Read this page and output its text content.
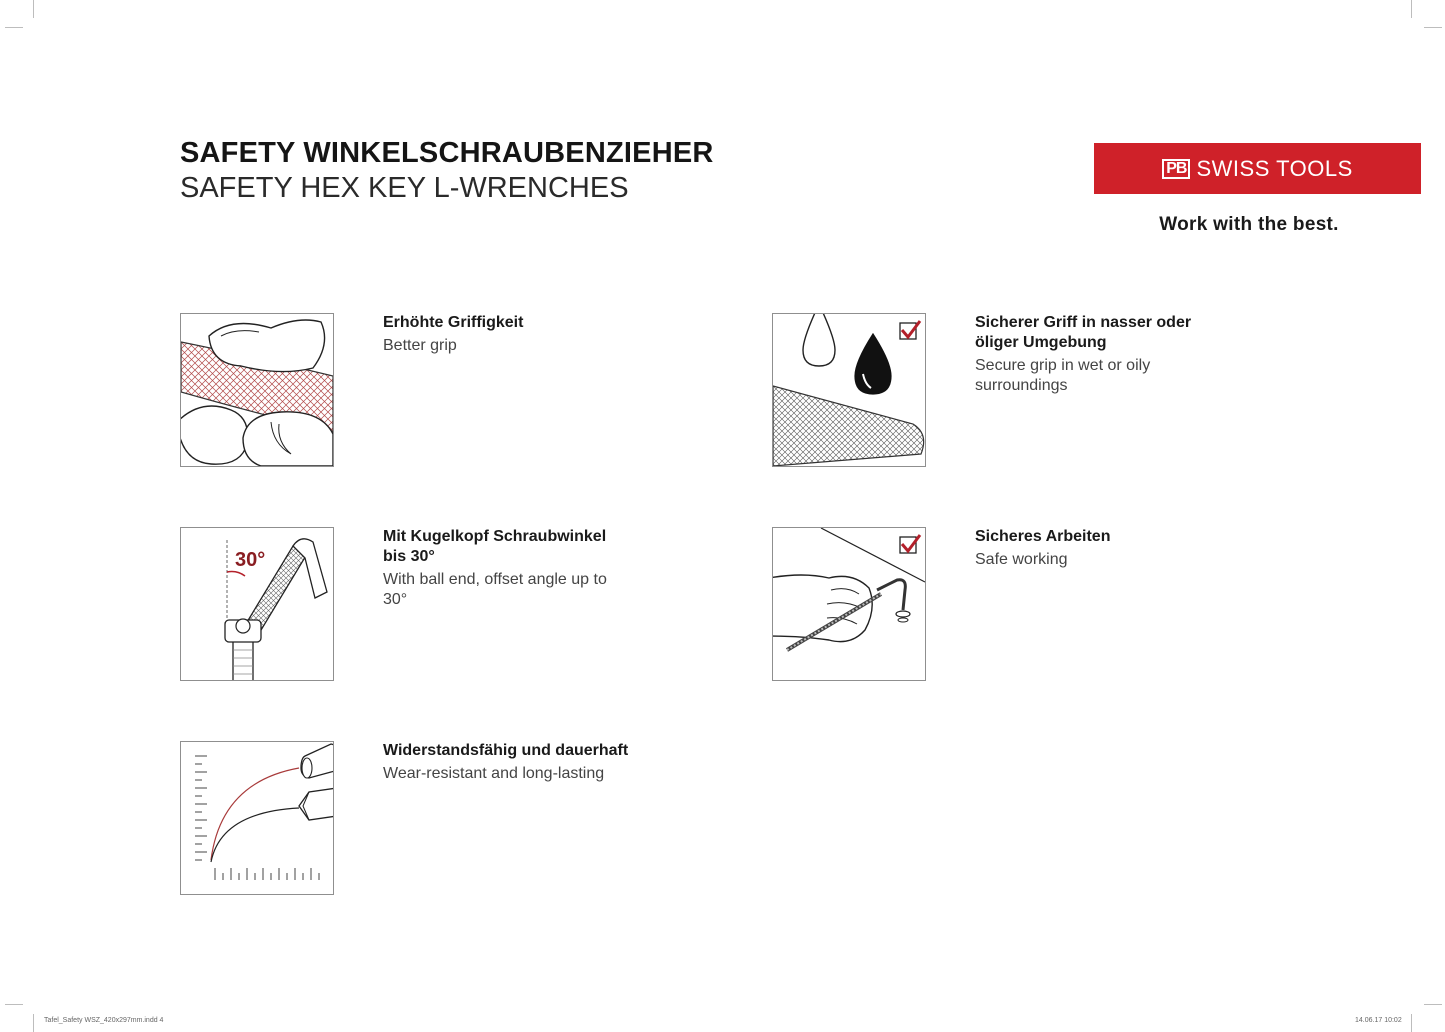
SAFETY WINKELSCHRAUBENZIEHER
SAFETY HEX KEY L-WRENCHES
PB SWISS TOOLS
Work with the best.
Erhöhte Griffigkeit
Better grip
Sicherer Griff in nasser oder öliger Umgebung
Secure grip in wet or oily surroundings
30°
Mit Kugelkopf Schraubwinkel bis 30°
With ball end, offset angle up to 30°
Sicheres Arbeiten
Safe working
Widerstandsfähig und dauerhaft
Wear-resistant and long-lasting
Tafel_Safety WSZ_420x297mm.indd 4	14.06.17 10:02
